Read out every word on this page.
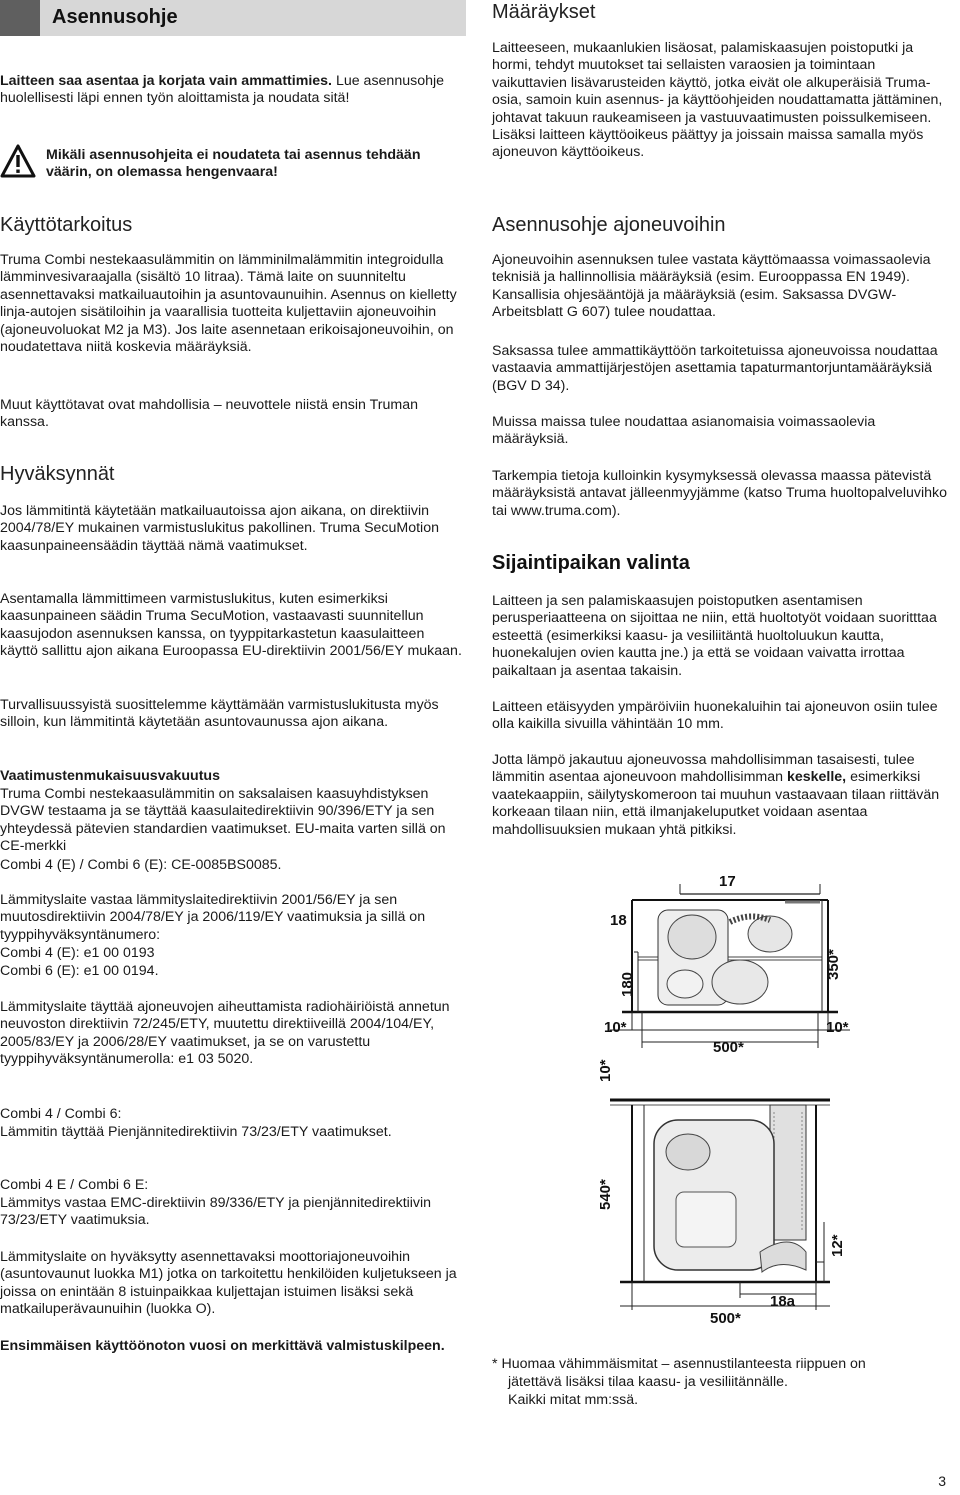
Asennusohje

Laitteen saa asentaa ja korjata vain ammattimies. Lue asennusohje huolellisesti läpi ennen työn aloittamista ja noudata sitä!

Mikäli asennusohjeita ei noudateta tai asennus tehdään väärin, on olemassa hengenvaara!

Käyttötarkoitus

Truma Combi nestekaasulämmitin on lämminilmalämmitin integroidulla lämminvesivaraajalla (sisältö 10 litraa). Tämä laite on suunniteltu asennettavaksi matkailuautoihin ja asuntovaunuihin. Asennus on kielletty linja-autojen sisätiloihin ja vaarallisia tuotteita kuljettaviin ajoneuvoihin (ajoneuvoluokat M2 ja M3). Jos laite asennetaan erikoisajoneuvoihin, on noudatettava niitä koskevia määräyksiä.

Muut käyttötavat ovat mahdollisia – neuvottele niistä ensin Truman kanssa.

Hyväksynnät

Jos lämmitintä käytetään matkailuautoissa ajon aikana, on direktiivin 2004/78/EY mukainen varmistuslukitus pakollinen. Truma SecuMotion kaasunpaineensäädin täyttää nämä vaatimukset.

Asentamalla lämmittimeen varmistuslukitus, kuten esimerkiksi kaasunpaineen säädin Truma SecuMotion, vastaavasti suunnitellun kaasujodon asennuksen kanssa, on tyyppitarkastetun kaasulaitteen käyttö sallittu ajon aikana Euroopassa EU-direktiivin 2001/56/EY mukaan.

Turvallisuussyistä suosittelemme käyttämään varmistuslukitusta myös silloin, kun lämmitintä käytetään asuntovaunussa ajon aikana.

Vaatimustenmukaisuusvakuutus

Truma Combi nestekaasulämmitin on saksalaisen kaasuyhdistyksen DVGW testaama ja se täyttää kaasulaitedirektiivin 90/396/ETY ja sen yhteydessä pätevien standardien vaatimukset. EU-maita varten sillä on CE-merkki

Combi 4 (E) / Combi 6 (E): CE-0085BS0085.

Lämmityslaite vastaa lämmityslaitedirektiivin 2001/56/EY ja sen muutosdirektiivin 2004/78/EY ja 2006/119/EY vaatimuksia ja sillä on tyyppihyväksyntänumero:

Combi 4 (E): e1 00 0193

Combi 6 (E): e1 00 0194.

Lämmityslaite täyttää ajoneuvojen aiheuttamista radiohäiriöistä annetun neuvoston direktiivin 72/245/ETY, muutettu direktiiveillä 2004/104/EY, 2005/83/EY ja 2006/28/EY vaatimukset, ja se on varustettu tyyppihyväksyntänumerolla: e1 03 5020.

Combi 4 / Combi 6:

Lämmitin täyttää Pienjännitedirektiivin 73/23/ETY vaatimukset.

Combi 4 E / Combi 6 E:

Lämmitys vastaa EMC-direktiivin 89/336/ETY ja pienjännitedirektiivin 73/23/ETY vaatimuksia.

Lämmityslaite on hyväksytty asennettavaksi moottoriajoneuvoihin (asuntovaunut luokka M1) jotka on tarkoitettu henkilöiden kuljetukseen ja joissa on enintään 8 istuinpaikkaa kuljettajan istuimen lisäksi sekä matkailuperävaunuihin (luokka O).

Ensimmäisen käyttöönoton vuosi on merkittävä valmistuskilpeen.

Määräykset

Laitteeseen, mukaanlukien lisäosat, palamiskaasujen poistoputki ja hormi, tehdyt muutokset tai sellaisten varaosien ja toimintaan vaikuttavien lisävarusteiden käyttö, jotka eivät ole alkuperäisiä Truma-osia, samoin kuin asennus- ja käyttöohjeiden noudattamatta jättäminen, johtavat takuun raukeamiseen ja vastuuvaatimusten poissulkemiseen. Lisäksi laitteen käyttöoikeus päättyy ja joissain maissa samalla myös ajoneuvon käyttöoikeus.

Asennusohje ajoneuvoihin

Ajoneuvoihin asennuksen tulee vastata käyttömaassa voimassaolevia teknisiä ja hallinnollisia määräyksiä (esim. Eurooppassa EN 1949). Kansallisia ohjesääntöjä ja määräyksiä (esim. Saksassa DVGW-Arbeitsblatt G 607) tulee noudattaa.

Saksassa tulee ammattikäyttöön tarkoitetuissa ajoneuvoissa noudattaa vastaavia ammattijärjestöjen asettamia tapaturmantorjuntamääräyksiä (BGV D 34).

Muissa maissa tulee noudattaa asianomaisia voimassaolevia määräyksiä.

Tarkempia tietoja kulloinkin kysymyksessä olevassa maassa pätevistä määräyksistä antavat jälleenmyyjämme (katso Truma huoltopalveluvihko tai www.truma.com).

Sijaintipaikan valinta

Laitteen ja sen palamiskaasujen poistoputken asentamisen perusperiaatteena on sijoittaa ne niin, että huoltotyöt voidaan suoritttaa esteettä (esimerkiksi kaasu- ja vesiliitäntä huoltoluukun kautta, huonekalujen ovien kautta jne.) ja että se voidaan vaivatta irrottaa paikaltaan ja asentaa takaisin.

Laitteen etäisyyden ympäröiviin huonekaluihin tai ajoneuvon osiin tulee olla kaikilla sivuilla vähintään 10 mm.

Jotta lämpö jakautuu ajoneuvossa mahdollisimman tasaisesti, tulee lämmitin asentaa ajoneuvoon mahdollisimman keskelle, esimerkiksi vaatekaappiin, säilytyskomeroon tai muuhun vastaavaan tilaan riittävän korkeaan tilaan niin, että ilmanjakeluputket voidaan asentaa mahdollisuuksien mukaan yhtä pitkiksi.

* Huomaa vähimmäismitat – asennustilanteesta riippuen on

jätettävä lisäksi tilaa kaasu- ja vesiliitännälle.

Kaikki mitat mm:ssä.

17
18
180
350*
10*	10*
500*
10*
540*
12*
18a
500*
3
